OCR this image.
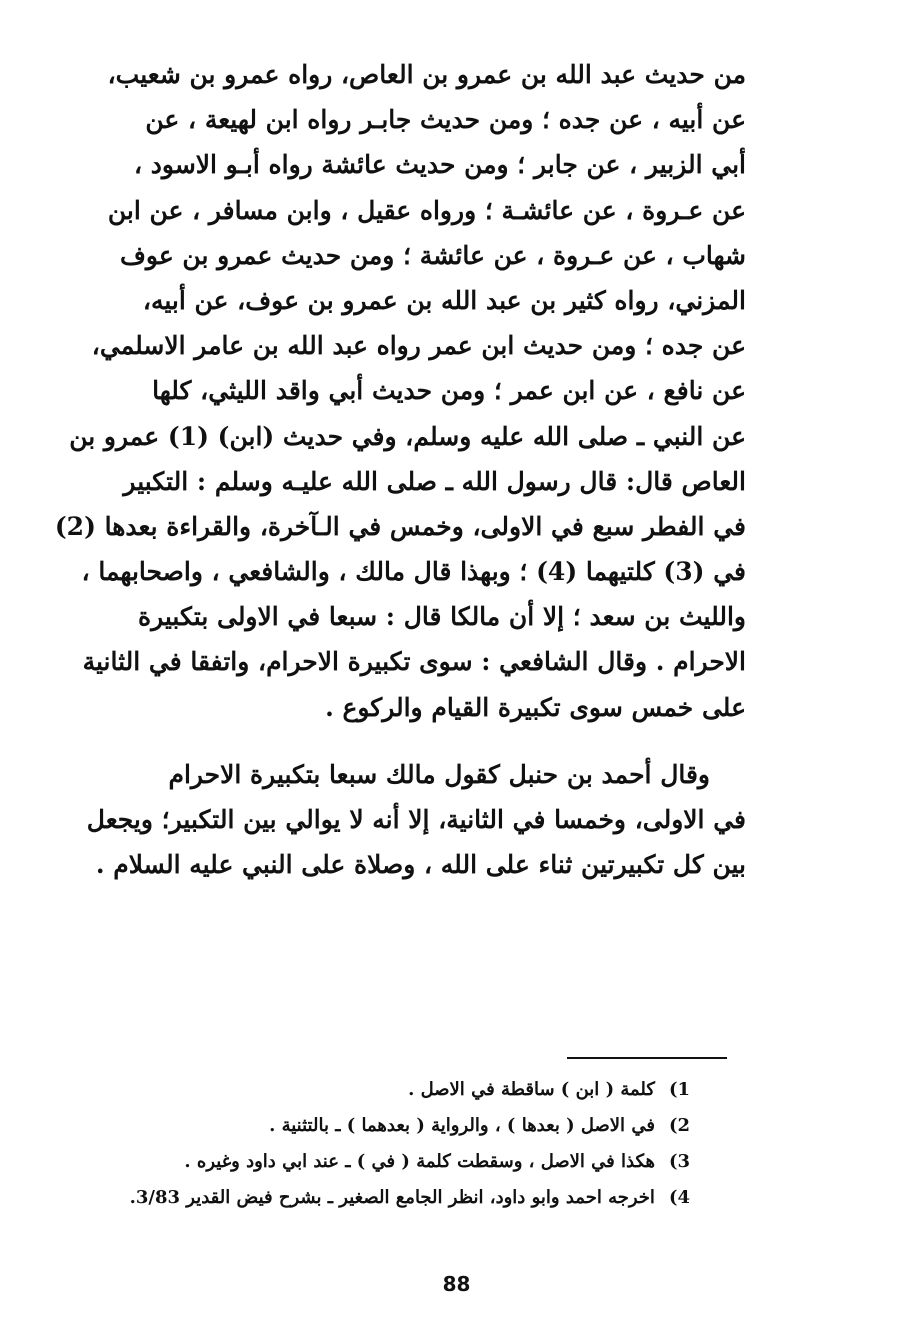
من حديث عبد الله بن عمرو بن العاص، رواه عمرو بن شعيب،
عن أبيه ، عن جده ؛ ومن حديث جابـر رواه ابن لهيعة ، عن
أبي الزبير ، عن جابر ؛ ومن حديث عائشة رواه أبـو الاسود ،
عن عـروة ، عن عائشـة ؛ ورواه عقيل ، وابن مسافر ، عن ابن
شهاب ، عن عـروة ، عن عائشة ؛ ومن حديث عمرو بن عوف
المزني، رواه كثير بن عبد الله بن عمرو بن عوف، عن أبيه،
عن جده ؛ ومن حديث ابن عمر رواه عبد الله بن عامر الاسلمي،
عن نافع ، عن ابن عمر ؛ ومن حديث أبي واقد الليثي، كلها
عن النبي ـ صلى الله عليه وسلم، وفي حديث (ابن) (1) عمرو بن
العاص قال: قال رسول الله ـ صلى الله عليـه وسلم : التكبير
في الفطر سبع في الاولى، وخمس في الـآخرة، والقراءة بعدها (2)
في (3) كلتيهما (4) ؛ وبهذا قال مالك ، والشافعي ، واصحابهما ،
والليث بن سعد ؛ إلا أن مالكا قال : سبعا في الاولى بتكبيرة
الاحرام . وقال الشافعي : سوى تكبيرة الاحرام، واتفقا في الثانية
على خمس سوى تكبيرة القيام والركوع .
وقال أحمد بن حنبل كقول مالك سبعا بتكبيرة الاحرام
في الاولى، وخمسا في الثانية، إلا أنه لا يوالي بين التكبير؛ ويجعل
بين كل تكبيرتين ثناء على الله ، وصلاة على النبي عليه السلام .
1)كلمة ( ابن ) ساقطة في الاصل .
2)في الاصل ( بعدها ) ، والرواية ( بعدهما ) ـ بالتثنية .
3)هكذا في الاصل ، وسقطت كلمة ( في ) ـ عند ابي داود وغيره .
4)اخرجه احمد وابو داود، انظر الجامع الصغير ـ بشرح فيض القدير 3/83.
88
